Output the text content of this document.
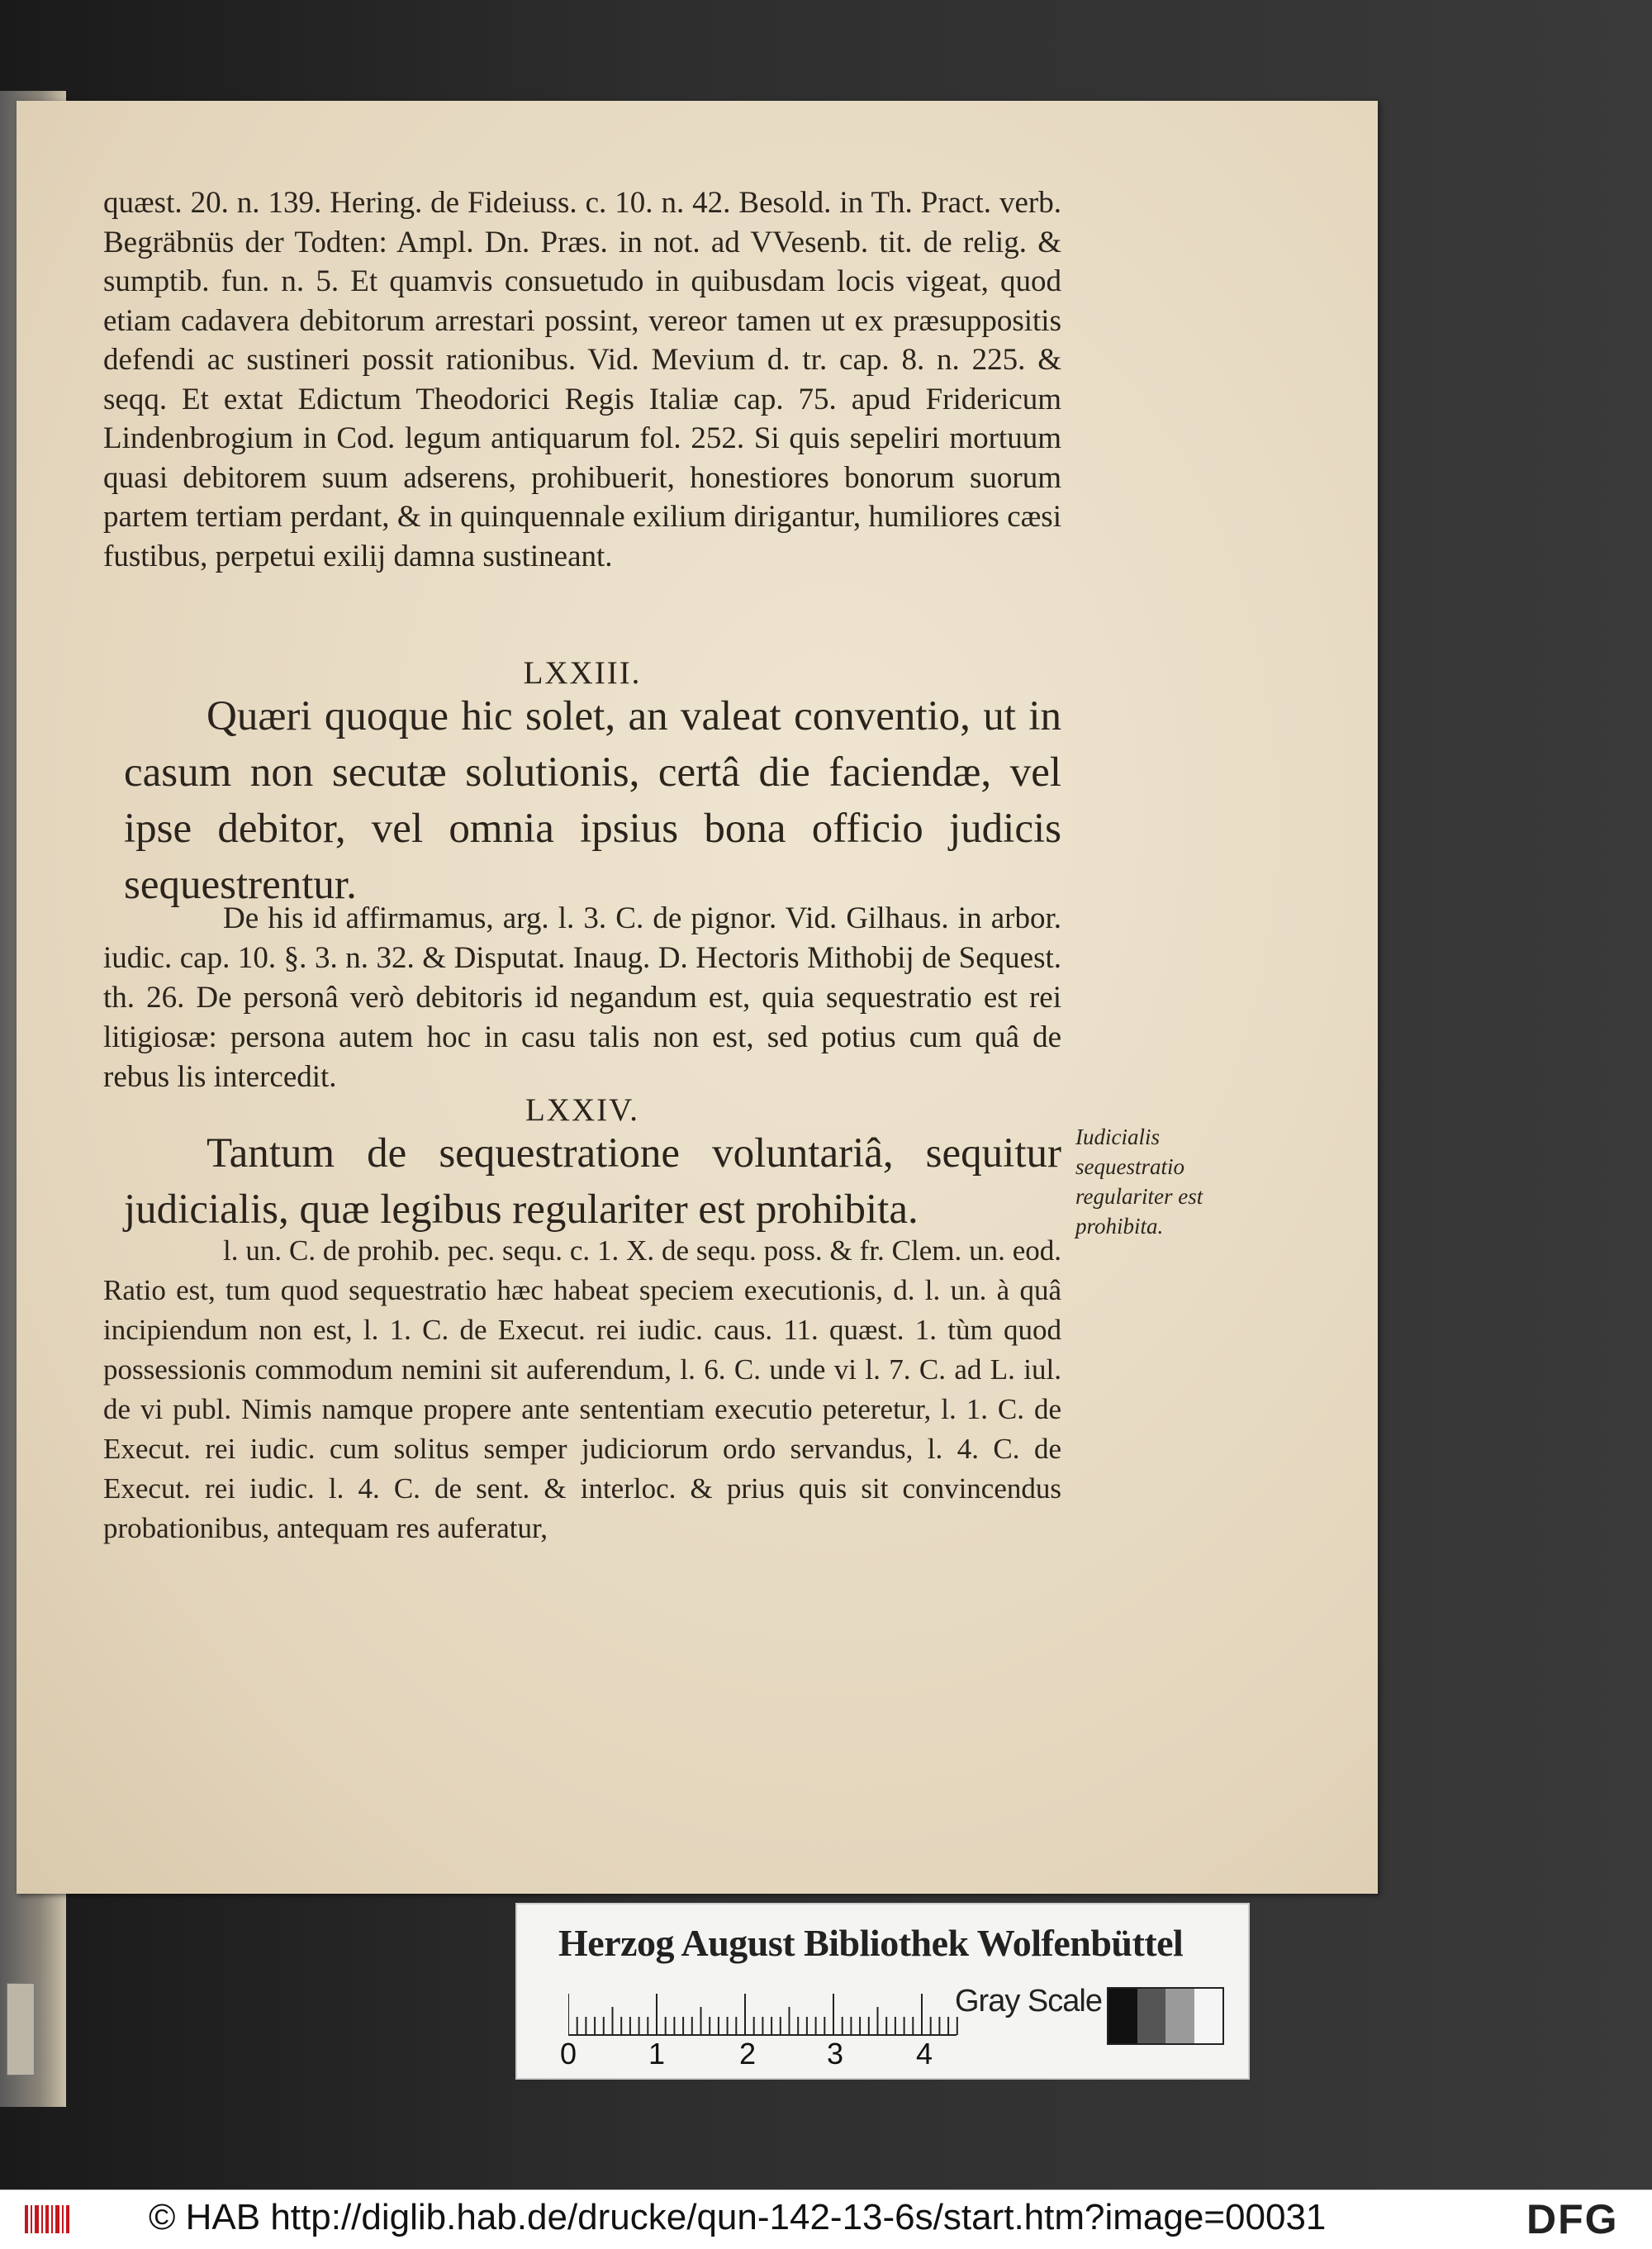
quæst. 20. n. 139. Hering. de Fideiuss. c. 10. n. 42. Besold. in Th. Pract. verb. Begräbnüs der Todten: Ampl. Dn. Præs. in not. ad VVesenb. tit. de relig. & sumptib. fun. n. 5. Et quamvis consuetudo in quibusdam locis vigeat, quod etiam cadavera debitorum arrestari possint, vereor tamen ut ex præsuppositis defendi ac sustineri possit rationibus. Vid. Mevium d. tr. cap. 8. n. 225. & seqq. Et extat Edictum Theodorici Regis Italiæ cap. 75. apud Fridericum Lindenbrogium in Cod. legum antiquarum fol. 252. Si quis sepeliri mortuum quasi debitorem suum adserens, prohibuerit, honestiores bonorum suorum partem tertiam perdant, & in quinquennale exilium dirigantur, humiliores cæsi fustibus, perpetui exilij damna sustineant.

LXXIII.
Quæri quoque hic solet, an valeat conventio, ut in casum non secutæ solutionis, certâ die faciendæ, vel ipse debitor, vel omnia ipsius bona officio judicis sequestrentur.
De his id affirmamus, arg. l. 3. C. de pignor. Vid. Gilhaus. in arbor. iudic. cap. 10. §. 3. n. 32. & Disputat. Inaug. D. Hectoris Mithobij de Sequest. th. 26. De personâ verò debitoris id negandum est, quia sequestratio est rei litigiosæ: persona autem hoc in casu talis non est, sed potius cum quâ de rebus lis intercedit.
LXXIV.
Tantum de sequestratione voluntariâ, sequitur judicialis, quæ legibus regulariter est prohibita.
l. un. C. de prohib. pec. sequ. c. 1. X. de sequ. poss. & fr. Clem. un. eod. Ratio est, tum quod sequestratio hæc habeat speciem executionis, d. l. un. à quâ incipiendum non est, l. 1. C. de Execut. rei iudic. caus. 11. quæst. 1. tùm quod possessionis commodum nemini sit auferendum, l. 6. C. unde vi l. 7. C. ad L. iul. de vi publ. Nimis namque propere ante sententiam executio peteretur, l. 1. C. de Execut. rei iudic. cum solitus semper judiciorum ordo servandus, l. 4. C. de Execut. rei iudic. l. 4. C. de sent. & interloc. & prius quis sit convincendus probationibus, antequam res auferatur,
Iudicialis sequestratio regulariter est prohibita.
Herzog August Bibliothek Wolfenbüttel
0 1 2 3 4
Gray Scale
© HAB http://diglib.hab.de/drucke/qun-142-13-6s/start.htm?image=00031	DFG
